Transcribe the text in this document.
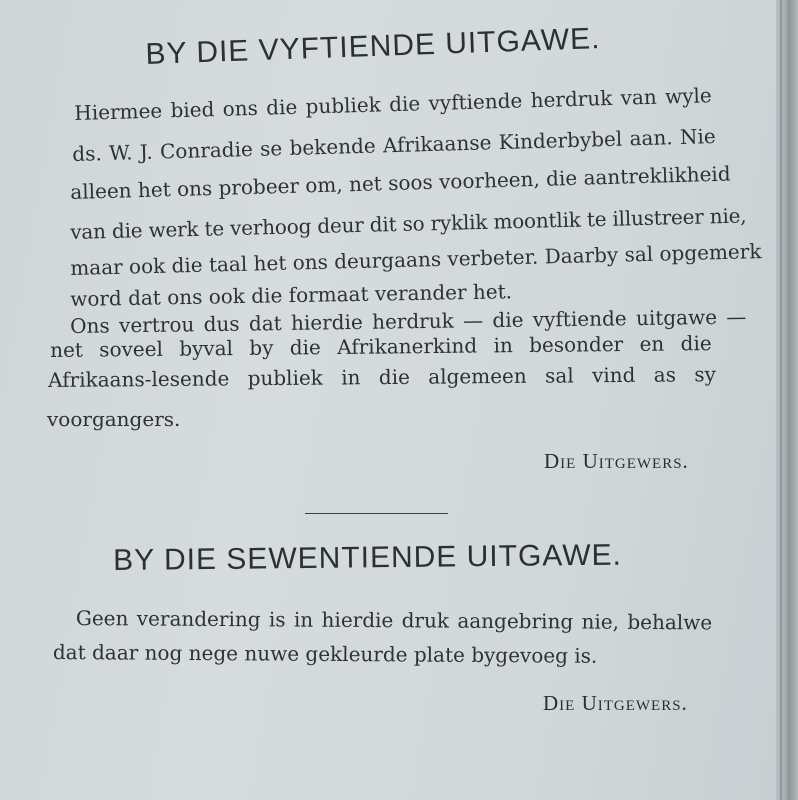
BY DIE VYFTIENDE UITGAWE.
Hiermee bied ons die publiek die vyftiende herdruk van wyle
ds. W. J. Conradie se bekende Afrikaanse Kinderbybel aan. Nie
alleen het ons probeer om, net soos voorheen, die aantreklikheid
van die werk te verhoog deur dit so ryklik moontlik te illustreer nie,
maar ook die taal het ons deurgaans verbeter. Daarby sal opgemerk
word dat ons ook die formaat verander het.
Ons vertrou dus dat hierdie herdruk — die vyftiende uitgawe —
net soveel byval by die Afrikanerkind in besonder en die
Afrikaans-lesende publiek in die algemeen sal vind as sy
voorgangers.
Die Uitgewers.
BY DIE SEWENTIENDE UITGAWE.
Geen verandering is in hierdie druk aangebring nie, behalwe
dat daar nog nege nuwe gekleurde plate bygevoeg is.
Die Uitgewers.
